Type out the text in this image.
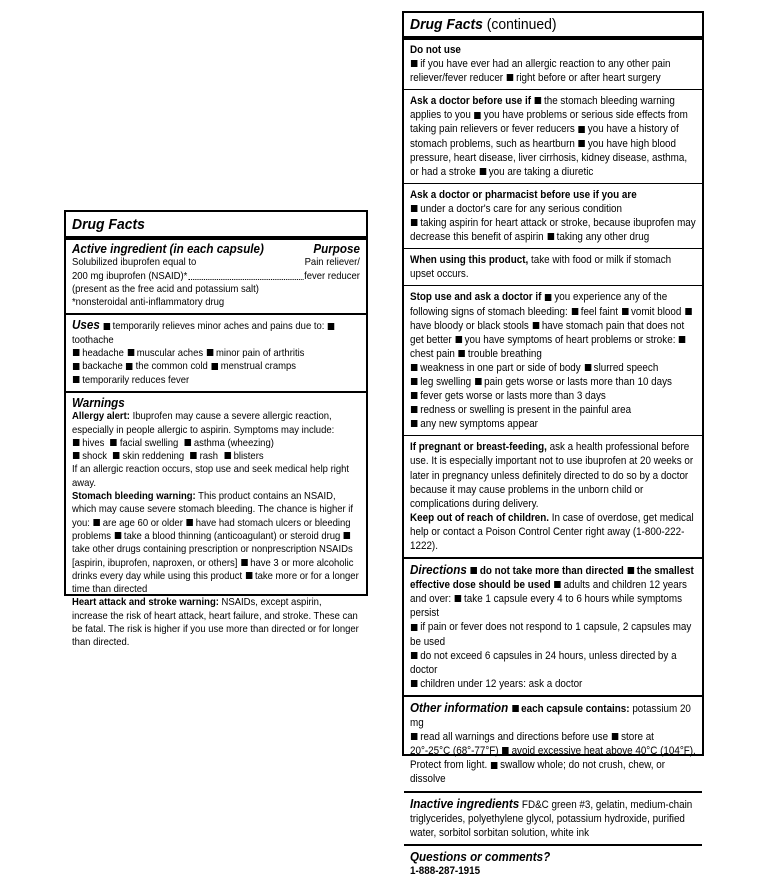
Drug Facts
Active ingredient (in each capsule)	Purpose
Solubilized ibuprofen equal to	Pain reliever/
200 mg ibuprofen (NSAID)*	fever reducer
(present as the free acid and potassium salt)
*nonsteroidal anti-inflammatory drug
Uses temporarily relieves minor aches and pains due to: toothache
headache muscular aches minor pain of arthritis
backache the common cold menstrual cramps
temporarily reduces fever
Warnings
Allergy alert: Ibuprofen may cause a severe allergic reaction, especially in people allergic to aspirin. Symptoms may include:
hives facial swelling asthma (wheezing)
shock skin reddening rash blisters
If an allergic reaction occurs, stop use and seek medical help right away.
Stomach bleeding warning: This product contains an NSAID, which may cause severe stomach bleeding. The chance is higher if you: are age 60 or older have had stomach ulcers or bleeding problems take a blood thinning (anticoagulant) or steroid drug take other drugs containing prescription or nonprescription NSAIDs [aspirin, ibuprofen, naproxen, or others] have 3 or more alcoholic drinks every day while using this product take more or for a longer time than directed
Heart attack and stroke warning: NSAIDs, except aspirin, increase the risk of heart attack, heart failure, and stroke. These can be fatal. The risk is higher if you use more than directed or for longer than directed.
Drug Facts (continued)
Do not use
if you have ever had an allergic reaction to any other pain reliever/fever reducer right before or after heart surgery
Ask a doctor before use if the stomach bleeding warning applies to you you have problems or serious side effects from taking pain relievers or fever reducers you have a history of stomach problems, such as heartburn you have high blood pressure, heart disease, liver cirrhosis, kidney disease, asthma, or had a stroke you are taking a diuretic
Ask a doctor or pharmacist before use if you are
under a doctor's care for any serious condition
taking aspirin for heart attack or stroke, because ibuprofen may decrease this benefit of aspirin taking any other drug
When using this product, take with food or milk if stomach upset occurs.
Stop use and ask a doctor if you experience any of the following signs of stomach bleeding: feel faint vomit blood have bloody or black stools have stomach pain that does not get better you have symptoms of heart problems or stroke: chest pain trouble breathing
weakness in one part or side of body slurred speech
leg swelling pain gets worse or lasts more than 10 days
fever gets worse or lasts more than 3 days
redness or swelling is present in the painful area
any new symptoms appear
If pregnant or breast-feeding, ask a health professional before use. It is especially important not to use ibuprofen at 20 weeks or later in pregnancy unless definitely directed to do so by a doctor because it may cause problems in the unborn child or complications during delivery.
Keep out of reach of children. In case of overdose, get medical help or contact a Poison Control Center right away (1-800-222-1222).
Directions do not take more than directed the smallest effective dose should be used adults and children 12 years and over: take 1 capsule every 4 to 6 hours while symptoms persist
if pain or fever does not respond to 1 capsule, 2 capsules may be used
do not exceed 6 capsules in 24 hours, unless directed by a doctor
children under 12 years: ask a doctor
Other information each capsule contains: potassium 20 mg
read all warnings and directions before use store at 20°-25°C (68°-77°F) avoid excessive heat above 40°C (104°F). Protect from light. swallow whole; do not crush, chew, or dissolve
Inactive ingredients FD&C green #3, gelatin, medium-chain triglycerides, polyethylene glycol, potassium hydroxide, purified water, sorbitol sorbitan solution, white ink
Questions or comments?
1-888-287-1915
